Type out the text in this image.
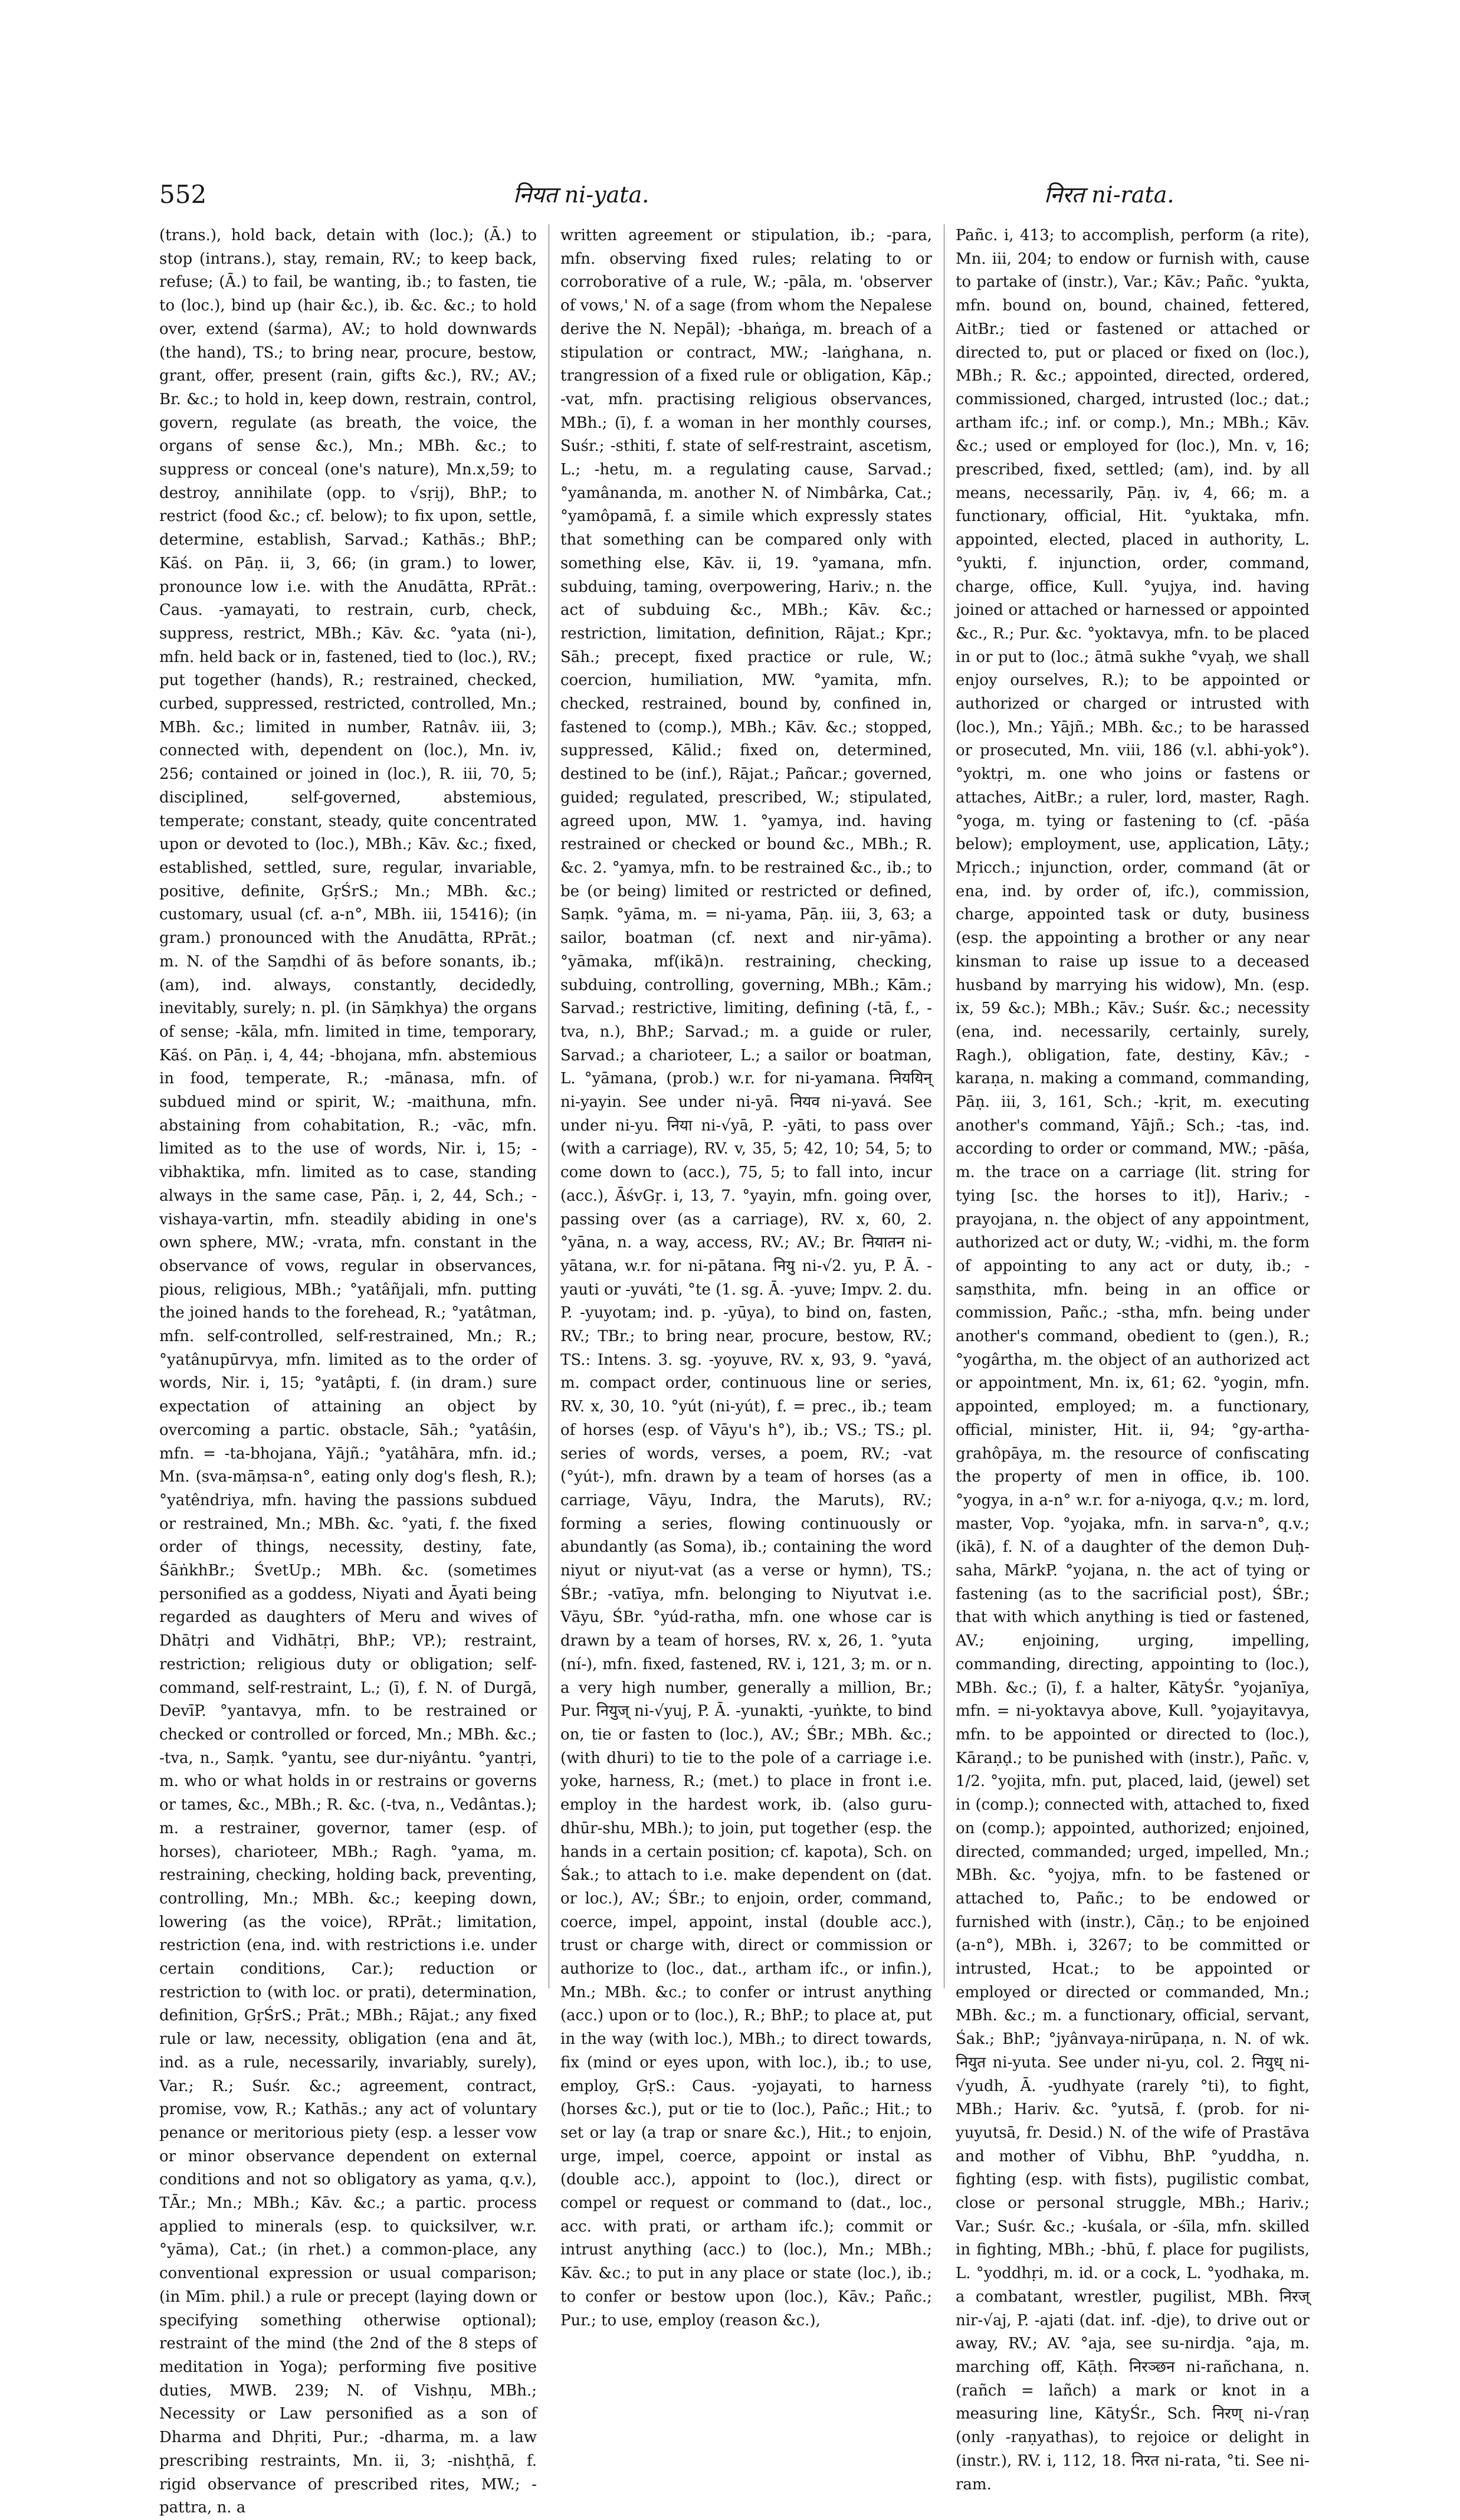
552	नियत ni-yata.	निरत ni-rata.

(trans.), hold back, detain with (loc.); (Ā.) to stop (intrans.), stay, remain, RV.; to keep back, refuse; (Ā.) to fail, be wanting, ib.; to fasten, tie to (loc.), bind up (hair &c.), ib. &c. &c.; to hold over, extend (śarma), AV.; to hold downwards (the hand), TS.; to bring near, procure, bestow, grant, offer, present (rain, gifts &c.), RV.; AV.; Br. &c.; to hold in, keep down, restrain, control, govern, regulate (as breath, the voice, the organs of sense &c.), Mn.; MBh. &c.; to suppress or conceal (one's nature), Mn.x,59; to destroy, annihilate (opp. to √sṛij), BhP.; to restrict (food &c.; cf. below); to fix upon, settle, determine, establish, Sarvad.; Kathās.; BhP.; Kāś. on Pāṇ. ii, 3, 66; (in gram.) to lower, pronounce low i.e. with the Anudātta, RPrāt.: Caus. -yamayati, to restrain, curb, check, suppress, restrict, MBh.; Kāv. &c. °yata (ni-), mfn. held back or in, fastened, tied to (loc.), RV.; put together (hands), R.; restrained, checked, curbed, suppressed, restricted, controlled, Mn.; MBh. &c.; limited in number, Ratnâv. iii, 3; connected with, dependent on (loc.), Mn. iv, 256; contained or joined in (loc.), R. iii, 70, 5; disciplined, self-governed, abstemious, temperate; constant, steady, quite concentrated upon or devoted to (loc.), MBh.; Kāv. &c.; fixed, established, settled, sure, regular, invariable, positive, definite, GṛŚrS.; Mn.; MBh. &c.; customary, usual (cf. a-n°, MBh. iii, 15416); (in gram.) pronounced with the Anudātta, RPrāt.; m. N. of the Saṃdhi of ās before sonants, ib.; (am), ind. always, constantly, decidedly, inevitably, surely; n. pl. (in Sāṃkhya) the organs of sense; -kāla, mfn. limited in time, temporary, Kāś. on Pāṇ. i, 4, 44; -bhojana, mfn. abstemious in food, temperate, R.; -mānasa, mfn. of subdued mind or spirit, W.; -maithuna, mfn. abstaining from cohabitation, R.; -vāc, mfn. limited as to the use of words, Nir. i, 15; -vibhaktika, mfn. limited as to case, standing always in the same case, Pāṇ. i, 2, 44, Sch.; -vishaya-vartin, mfn. steadily abiding in one's own sphere, MW.; -vrata, mfn. constant in the observance of vows, regular in observances, pious, religious, MBh.; °yatâñjali, mfn. putting the joined hands to the forehead, R.; °yatâtman, mfn. self-controlled, self-restrained, Mn.; R.; °yatânupūrvya, mfn. limited as to the order of words, Nir. i, 15; °yatâpti, f. (in dram.) sure expectation of attaining an object by overcoming a partic. obstacle, Sāh.; °yatâśin, mfn. = -ta-bhojana, Yājñ.; °yatâhāra, mfn. id.; Mn. (sva-māṃsa-n°, eating only dog's flesh, R.); °yatêndriya, mfn. having the passions subdued or restrained, Mn.; MBh. &c. °yati, f. the fixed order of things, necessity, destiny, fate, ŚāṅkhBr.; ŚvetUp.; MBh. &c. (sometimes personified as a goddess, Niyati and Āyati being regarded as daughters of Meru and wives of Dhātṛi and Vidhātṛi, BhP.; VP.); restraint, restriction; religious duty or obligation; self-command, self-restraint, L.; (ī), f. N. of Durgā, DevīP. °yantavya, mfn. to be restrained or checked or controlled or forced, Mn.; MBh. &c.; -tva, n., Saṃk. °yantu, see dur-niyântu. °yantṛi, m. who or what holds in or restrains or governs or tames, &c., MBh.; R. &c. (-tva, n., Vedântas.); m. a restrainer, governor, tamer (esp. of horses), charioteer, MBh.; Ragh. °yama, m. restraining, checking, holding back, preventing, controlling, Mn.; MBh. &c.; keeping down, lowering (as the voice), RPrāt.; limitation, restriction (ena, ind. with restrictions i.e. under certain conditions, Car.); reduction or restriction to (with loc. or prati), determination, definition, GṛŚrS.; Prāt.; MBh.; Rājat.; any fixed rule or law, necessity, obligation (ena and āt, ind. as a rule, necessarily, invariably, surely), Var.; R.; Suśr. &c.; agreement, contract, promise, vow, R.; Kathās.; any act of voluntary penance or meritorious piety (esp. a lesser vow or minor observance dependent on external conditions and not so obligatory as yama, q.v.), TĀr.; Mn.; MBh.; Kāv. &c.; a partic. process applied to minerals (esp. to quicksilver, w.r. °yāma), Cat.; (in rhet.) a common-place, any conventional expression or usual comparison; (in Mīm. phil.) a rule or precept (laying down or specifying something otherwise optional); restraint of the mind (the 2nd of the 8 steps of meditation in Yoga); performing five positive duties, MWB. 239; N. of Vishṇu, MBh.; Necessity or Law personified as a son of Dharma and Dhṛiti, Pur.; -dharma, m. a law prescribing restraints, Mn. ii, 3; -nishṭhā, f. rigid observance of prescribed rites, MW.; -pattra, n. a

written agreement or stipulation, ib.; -para, mfn. observing fixed rules; relating to or corroborative of a rule, W.; -pāla, m. 'observer of vows,' N. of a sage (from whom the Nepalese derive the N. Nepāl); -bhaṅga, m. breach of a stipulation or contract, MW.; -laṅghana, n. trangression of a fixed rule or obligation, Kāp.; -vat, mfn. practising religious observances, MBh.; (ī), f. a woman in her monthly courses, Suśr.; -sthiti, f. state of self-restraint, ascetism, L.; -hetu, m. a regulating cause, Sarvad.; °yamânanda, m. another N. of Nimbârka, Cat.; °yamôpamā, f. a simile which expressly states that something can be compared only with something else, Kāv. ii, 19. °yamana, mfn. subduing, taming, overpowering, Hariv.; n. the act of subduing &c., MBh.; Kāv. &c.; restriction, limitation, definition, Rājat.; Kpr.; Sāh.; precept, fixed practice or rule, W.; coercion, humiliation, MW. °yamita, mfn. checked, restrained, bound by, confined in, fastened to (comp.), MBh.; Kāv. &c.; stopped, suppressed, Kālid.; fixed on, determined, destined to be (inf.), Rājat.; Pañcar.; governed, guided; regulated, prescribed, W.; stipulated, agreed upon, MW. 1. °yamya, ind. having restrained or checked or bound &c., MBh.; R. &c. 2. °yamya, mfn. to be restrained &c., ib.; to be (or being) limited or restricted or defined, Saṃk. °yāma, m. = ni-yama, Pāṇ. iii, 3, 63; a sailor, boatman (cf. next and nir-yāma). °yāmaka, mf(ikā)n. restraining, checking, subduing, controlling, governing, MBh.; Kām.; Sarvad.; restrictive, limiting, defining (-tā, f., -tva, n.), BhP.; Sarvad.; m. a guide or ruler, Sarvad.; a charioteer, L.; a sailor or boatman, L. °yāmana, (prob.) w.r. for ni-yamana. निययिन् ni-yayin. See under ni-yā. नियव ni-yavá. See under ni-yu. निया ni-√yā, P. -yāti, to pass over (with a carriage), RV. v, 35, 5; 42, 10; 54, 5; to come down to (acc.), 75, 5; to fall into, incur (acc.), ĀśvGṛ. i, 13, 7. °yayin, mfn. going over, passing over (as a carriage), RV. x, 60, 2. °yāna, n. a way, access, RV.; AV.; Br. नियातन ni-yātana, w.r. for ni-pātana. नियु ni-√2. yu, P. Ā. -yauti or -yuváti, °te (1. sg. Ā. -yuve; Impv. 2. du. P. -yuyotam; ind. p. -yūya), to bind on, fasten, RV.; TBr.; to bring near, procure, bestow, RV.; TS.: Intens. 3. sg. -yoyuve, RV. x, 93, 9. °yavá, m. compact order, continuous line or series, RV. x, 30, 10. °yút (ni-yút), f. = prec., ib.; team of horses (esp. of Vāyu's h°), ib.; VS.; TS.; pl. series of words, verses, a poem, RV.; -vat (°yút-), mfn. drawn by a team of horses (as a carriage, Vāyu, Indra, the Maruts), RV.; forming a series, flowing continuously or abundantly (as Soma), ib.; containing the word niyut or niyut-vat (as a verse or hymn), TS.; ŚBr.; -vatīya, mfn. belonging to Niyutvat i.e. Vāyu, ŚBr. °yúd-ratha, mfn. one whose car is drawn by a team of horses, RV. x, 26, 1. °yuta (ní-), mfn. fixed, fastened, RV. i, 121, 3; m. or n. a very high number, generally a million, Br.; Pur. नियुज् ni-√yuj, P. Ā. -yunakti, -yuṅkte, to bind on, tie or fasten to (loc.), AV.; ŚBr.; MBh. &c.; (with dhuri) to tie to the pole of a carriage i.e. yoke, harness, R.; (met.) to place in front i.e. employ in the hardest work, ib. (also guru-dhūr-shu, MBh.); to join, put together (esp. the hands in a certain position; cf. kapota), Sch. on Śak.; to attach to i.e. make dependent on (dat. or loc.), AV.; ŚBr.; to enjoin, order, command, coerce, impel, appoint, instal (double acc.), trust or charge with, direct or commission or authorize to (loc., dat., artham ifc., or infin.), Mn.; MBh. &c.; to confer or intrust anything (acc.) upon or to (loc.), R.; BhP.; to place at, put in the way (with loc.), MBh.; to direct towards, fix (mind or eyes upon, with loc.), ib.; to use, employ, GṛS.: Caus. -yojayati, to harness (horses &c.), put or tie to (loc.), Pañc.; Hit.; to set or lay (a trap or snare &c.), Hit.; to enjoin, urge, impel, coerce, appoint or instal as (double acc.), appoint to (loc.), direct or compel or request or command to (dat., loc., acc. with prati, or artham ifc.); commit or intrust anything (acc.) to (loc.), Mn.; MBh.; Kāv. &c.; to put in any place or state (loc.), ib.; to confer or bestow upon (loc.), Kāv.; Pañc.; Pur.; to use, employ (reason &c.),

Pañc. i, 413; to accomplish, perform (a rite), Mn. iii, 204; to endow or furnish with, cause to partake of (instr.), Var.; Kāv.; Pañc. °yukta, mfn. bound on, bound, chained, fettered, AitBr.; tied or fastened or attached or directed to, put or placed or fixed on (loc.), MBh.; R. &c.; appointed, directed, ordered, commissioned, charged, intrusted (loc.; dat.; artham ifc.; inf. or comp.), Mn.; MBh.; Kāv. &c.; used or employed for (loc.), Mn. v, 16; prescribed, fixed, settled; (am), ind. by all means, necessarily, Pāṇ. iv, 4, 66; m. a functionary, official, Hit. °yuktaka, mfn. appointed, elected, placed in authority, L. °yukti, f. injunction, order, command, charge, office, Kull. °yujya, ind. having joined or attached or harnessed or appointed &c., R.; Pur. &c. °yoktavya, mfn. to be placed in or put to (loc.; ātmā sukhe °vyaḥ, we shall enjoy ourselves, R.); to be appointed or authorized or charged or intrusted with (loc.), Mn.; Yājñ.; MBh. &c.; to be harassed or prosecuted, Mn. viii, 186 (v.l. abhi-yok°). °yoktṛi, m. one who joins or fastens or attaches, AitBr.; a ruler, lord, master, Ragh. °yoga, m. tying or fastening to (cf. -pāśa below); employment, use, application, Lāṭy.; Mṛicch.; injunction, order, command (āt or ena, ind. by order of, ifc.), commission, charge, appointed task or duty, business (esp. the appointing a brother or any near kinsman to raise up issue to a deceased husband by marrying his widow), Mn. (esp. ix, 59 &c.); MBh.; Kāv.; Suśr. &c.; necessity (ena, ind. necessarily, certainly, surely, Ragh.), obligation, fate, destiny, Kāv.; -karaṇa, n. making a command, commanding, Pāṇ. iii, 3, 161, Sch.; -kṛit, m. executing another's command, Yājñ.; Sch.; -tas, ind. according to order or command, MW.; -pāśa, m. the trace on a carriage (lit. string for tying [sc. the horses to it]), Hariv.; -prayojana, n. the object of any appointment, authorized act or duty, W.; -vidhi, m. the form of appointing to any act or duty, ib.; -saṃsthita, mfn. being in an office or commission, Pañc.; -stha, mfn. being under another's command, obedient to (gen.), R.; °yogârtha, m. the object of an authorized act or appointment, Mn. ix, 61; 62. °yogin, mfn. appointed, employed; m. a functionary, official, minister, Hit. ii, 94; °gy-artha-grahôpāya, m. the resource of confiscating the property of men in office, ib. 100. °yogya, in a-n° w.r. for a-niyoga, q.v.; m. lord, master, Vop. °yojaka, mfn. in sarva-n°, q.v.; (ikā), f. N. of a daughter of the demon Duḥ-saha, MārkP. °yojana, n. the act of tying or fastening (as to the sacrificial post), ŚBr.; that with which anything is tied or fastened, AV.; enjoining, urging, impelling, commanding, directing, appointing to (loc.), MBh. &c.; (ī), f. a halter, KātyŚr. °yojanīya, mfn. = ni-yoktavya above, Kull. °yojayitavya, mfn. to be appointed or directed to (loc.), Kāraṇḍ.; to be punished with (instr.), Pañc. v, 1/2. °yojita, mfn. put, placed, laid, (jewel) set in (comp.); connected with, attached to, fixed on (comp.); appointed, authorized; enjoined, directed, commanded; urged, impelled, Mn.; MBh. &c. °yojya, mfn. to be fastened or attached to, Pañc.; to be endowed or furnished with (instr.), Cāṇ.; to be enjoined (a-n°), MBh. i, 3267; to be committed or intrusted, Hcat.; to be appointed or employed or directed or commanded, Mn.; MBh. &c.; m. a functionary, official, servant, Śak.; BhP.; °jyânvaya-nirūpaṇa, n. N. of wk. नियुत ni-yuta. See under ni-yu, col. 2. नियुध् ni-√yudh, Ā. -yudhyate (rarely °ti), to fight, MBh.; Hariv. &c. °yutsā, f. (prob. for ni-yuyutsā, fr. Desid.) N. of the wife of Prastāva and mother of Vibhu, BhP. °yuddha, n. fighting (esp. with fists), pugilistic combat, close or personal struggle, MBh.; Hariv.; Var.; Suśr. &c.; -kuśala, or -śīla, mfn. skilled in fighting, MBh.; -bhū, f. place for pugilists, L. °yoddhṛi, m. id. or a cock, L. °yodhaka, m. a combatant, wrestler, pugilist, MBh. निरज् nir-√aj, P. -ajati (dat. inf. -dje), to drive out or away, RV.; AV. °aja, see su-nirdja. °aja, m. marching off, Kāṭh. निरञ्छन ni-rañchana, n. (rañch = lañch) a mark or knot in a measuring line, KātyŚr., Sch. निरण् ni-√raṇ (only -raṇyathas), to rejoice or delight in (instr.), RV. i, 112, 18. निरत ni-rata, °ti. See ni-ram.
